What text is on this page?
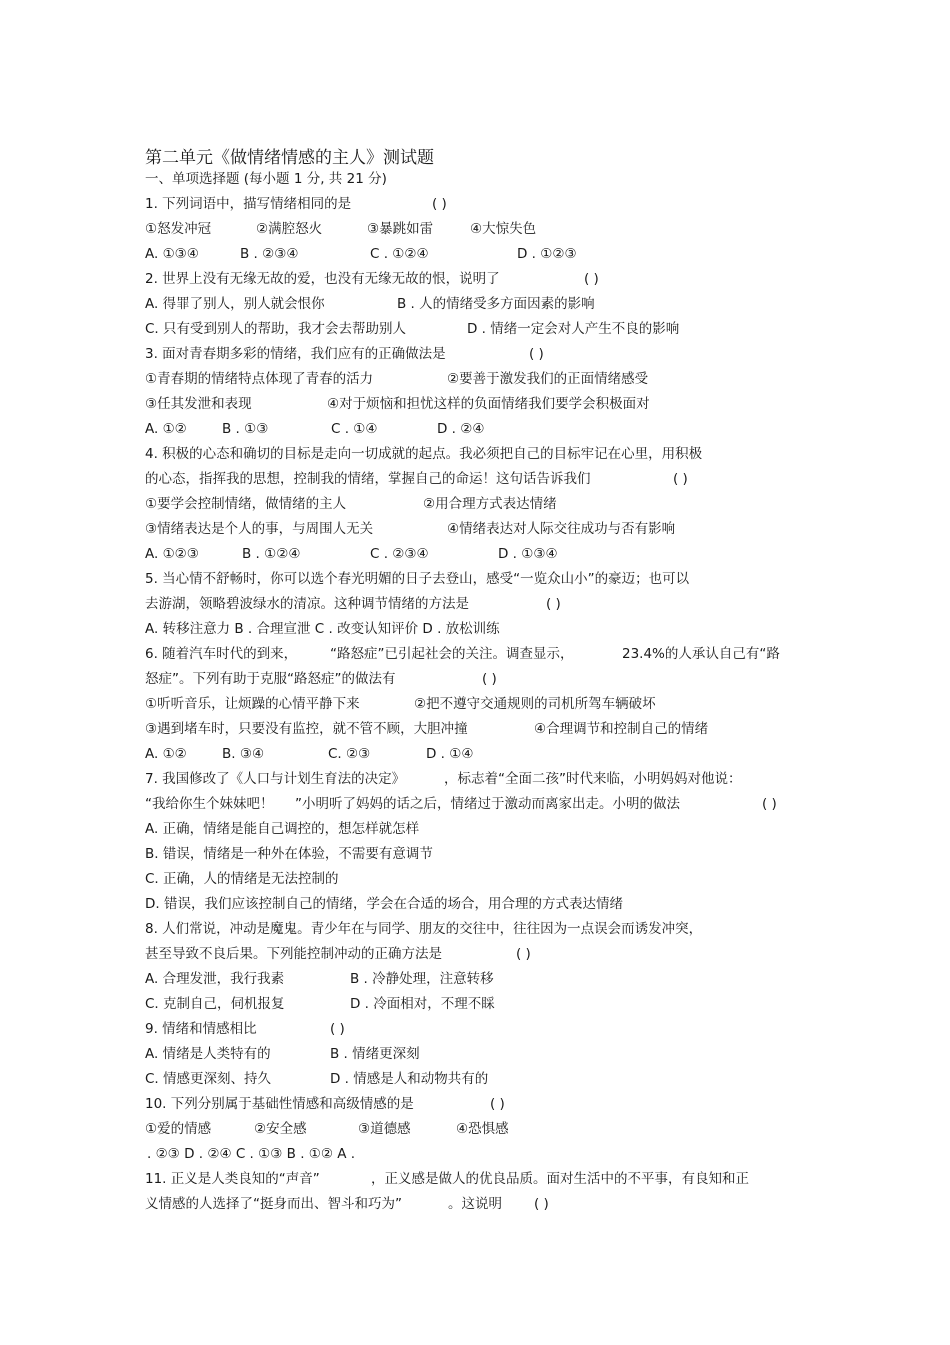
第二单元《做情绪情感的主人》测试题
一、单项选择题 (每小题 1 分, 共 21 分)
1. 下列词语中，描写情绪相同的是	( )
①怒发冲冠	②满腔怒火	③暴跳如雷	④大惊失色
A. ①③④	B . ②③④	C . ①②④	D . ①②③
2. 世界上没有无缘无故的爱，也没有无缘无故的恨，说明了	( )
A. 得罪了别人，别人就会恨你	B . 人的情绪受多方面因素的影响
C. 只有受到别人的帮助，我才会去帮助别人	D . 情绪一定会对人产生不良的影响
3. 面对青春期多彩的情绪，我们应有的正确做法是	( )
①青春期的情绪特点体现了青春的活力	②要善于激发我们的正面情绪感受
③任其发泄和表现	④对于烦恼和担忧这样的负面情绪我们要学会积极面对
A. ①②	B . ①③	C . ①④	D . ②④
4. 积极的心态和确切的目标是走向一切成就的起点。我必须把自己的目标牢记在心里，用积极
的心态，指挥我的思想，控制我的情绪，掌握自己的命运！这句话告诉我们	( )
①要学会控制情绪，做情绪的主人	②用合理方式表达情绪
③情绪表达是个人的事，与周围人无关	④情绪表达对人际交往成功与否有影响
A. ①②③	B . ①②④	C . ②③④	D . ①③④
5. 当心情不舒畅时，你可以选个春光明媚的日子去登山，感受“一览众山小”的豪迈；也可以
去游湖，领略碧波绿水的清凉。这种调节情绪的方法是	( )
A. 转移注意力 B . 合理宣泄 C . 改变认知评价 D . 放松训练
6. 随着汽车时代的到来， “路怒症”已引起社会的关注。调查显示，	23.4%的人承认自己有“路
怒症”。下列有助于克服“路怒症”的做法有	( )
①听听音乐，让烦躁的心情平静下来	②把不遵守交通规则的司机所驾车辆破坏
③遇到堵车时，只要没有监控，就不管不顾，大胆冲撞	④合理调节和控制自己的情绪
A. ①②	B. ③④	C. ②③	D . ①④
7. 我国修改了《人口与计划生育法的决定》	，标志着“全面二孩”时代来临，小明妈妈对他说：
“我给你生个妹妹吧！ ”小明听了妈妈的话之后，情绪过于激动而离家出走。小明的做法	( )
A. 正确，情绪是能自己调控的，想怎样就怎样
B. 错误，情绪是一种外在体验，不需要有意调节
C. 正确，人的情绪是无法控制的
D. 错误，我们应该控制自己的情绪，学会在合适的场合，用合理的方式表达情绪
8. 人们常说，冲动是魔鬼。青少年在与同学、朋友的交往中，往往因为一点误会而诱发冲突，
甚至导致不良后果。下列能控制冲动的正确方法是	( )
A. 合理发泄，我行我素	B . 冷静处理，注意转移
C. 克制自己，伺机报复	D . 冷面相对，不理不睬
9. 情绪和情感相比	( )
A. 情绪是人类特有的	B . 情绪更深刻
C. 情感更深刻、持久	D . 情感是人和动物共有的
10. 下列分别属于基础性情感和高级情感的是	( )
①爱的情感	②安全感	③道德感	④恐惧感
. ②③ D . ②④ C . ①③ B . ①② A .
11. 正义是人类良知的“声音”	，正义感是做人的优良品质。面对生活中的不平事，有良知和正
义情感的人选择了“挺身而出、智斗和巧为”	。这说明 ( )
